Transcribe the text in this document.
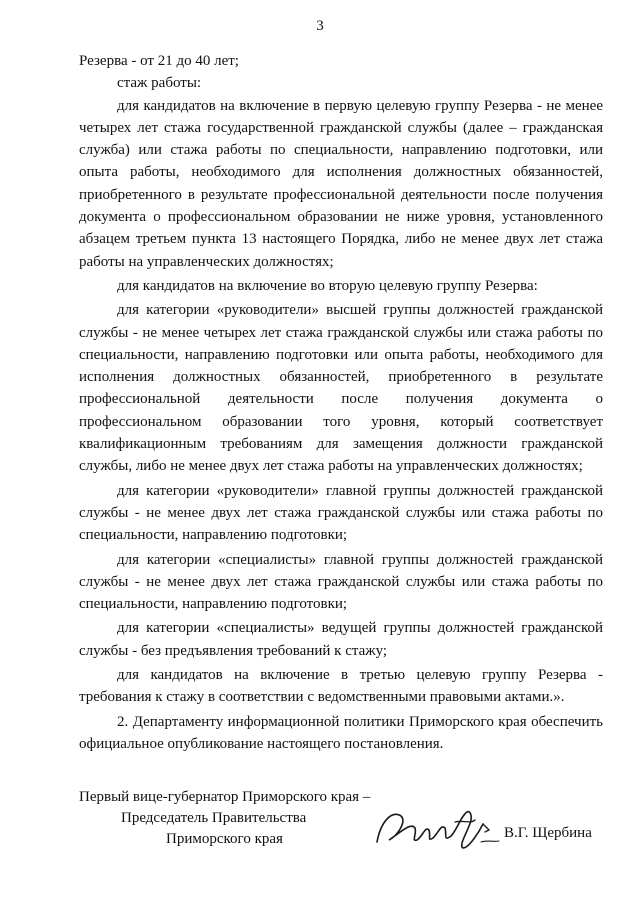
3

Резерва - от 21 до 40 лет;

стаж работы:

для кандидатов на включение в первую целевую группу Резерва - не менее четырех лет стажа государственной гражданской службы (далее – гражданская служба) или стажа работы по специальности, направлению подготовки, или опыта работы, необходимого для исполнения должностных обязанностей, приобретенного в результате профессиональной деятельности после получения документа о профессиональном образовании не ниже уровня, установленного абзацем третьем пункта 13 настоящего Порядка, либо не менее двух лет стажа работы на управленческих должностях;

для кандидатов на включение во вторую целевую группу Резерва:

для категории «руководители» высшей группы должностей гражданской службы - не менее четырех лет стажа гражданской службы или стажа работы по специальности, направлению подготовки или опыта работы, необходимого для исполнения должностных обязанностей, приобретенного в результате профессиональной деятельности после получения документа о профессиональном образовании того уровня, который соответствует квалификационным требованиям для замещения должности гражданской службы, либо не менее двух лет стажа работы на управленческих должностях;

для категории «руководители» главной группы должностей гражданской службы - не менее двух лет стажа гражданской службы или стажа работы по специальности, направлению подготовки;

для категории «специалисты» главной группы должностей гражданской службы - не менее двух лет стажа гражданской службы или стажа работы по специальности, направлению подготовки;

для категории «специалисты» ведущей группы должностей гражданской службы - без предъявления требований к стажу;

для кандидатов на включение в третью целевую группу Резерва - требования к стажу в соответствии с ведомственными правовыми актами.».

2. Департаменту информационной политики Приморского края обеспечить официальное опубликование настоящего постановления.

Первый вице-губернатор Приморского края –
Председатель Правительства
Приморского края	В.Г. Щербина
